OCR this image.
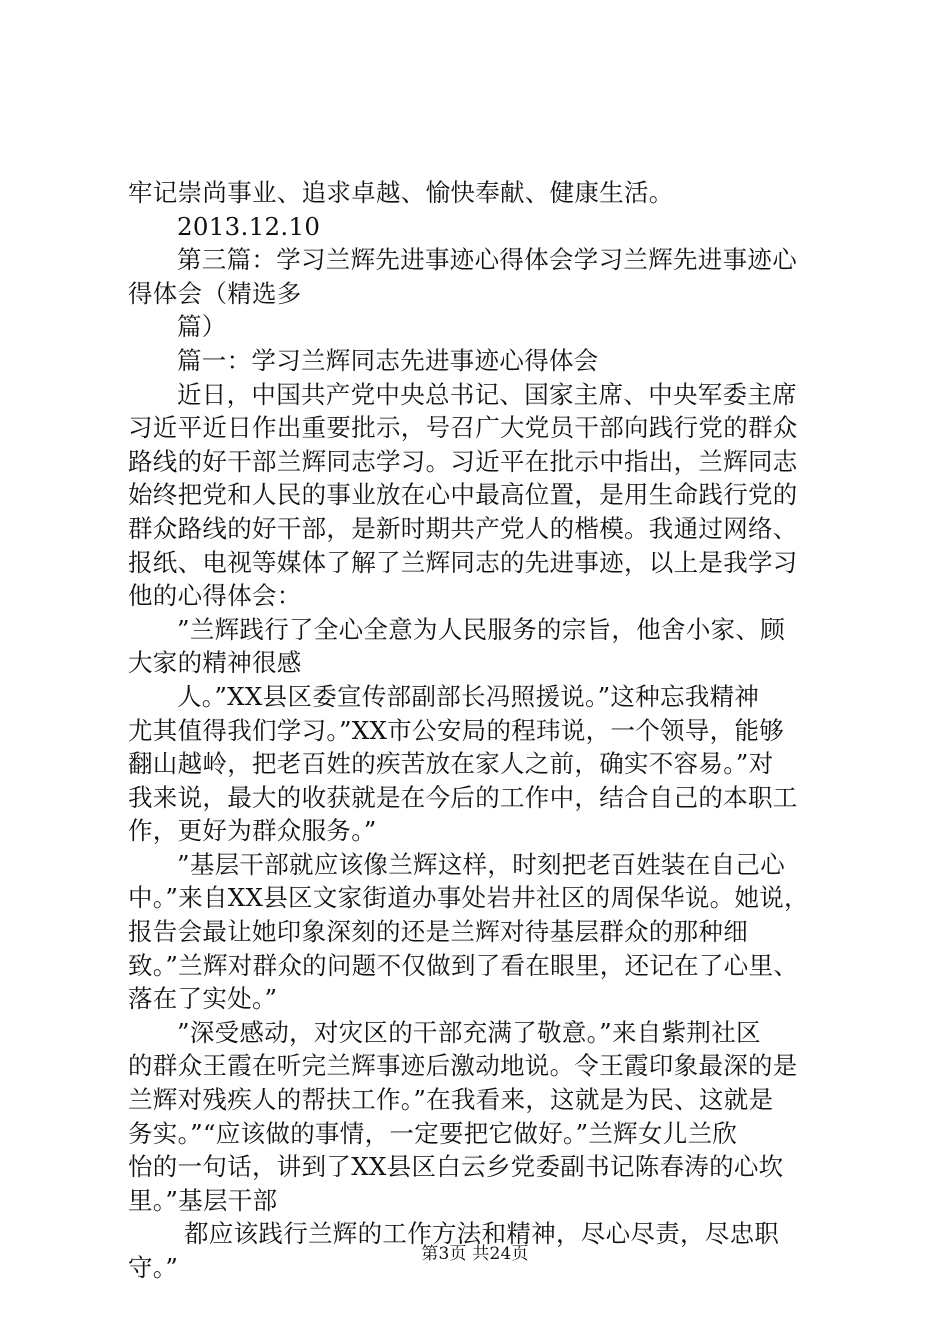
牢记崇尚事业、追求卓越、愉快奉献、健康生活。
2013.12.10
第三篇：学习兰辉先进事迹心得体会学习兰辉先进事迹心
得体会（精选多
篇）
篇一：学习兰辉同志先进事迹心得体会
近日，中国共产党中央总书记、国家主席、中央军委主席
习近平近日作出重要批示，号召广大党员干部向践行党的群众
路线的好干部兰辉同志学习。习近平在批示中指出，兰辉同志
始终把党和人民的事业放在心中最高位置，是用生命践行党的
群众路线的好干部，是新时期共产党人的楷模。我通过网络、
报纸、电视等媒体了解了兰辉同志的先进事迹，以上是我学习
他的心得体会：
”兰辉践行了全心全意为人民服务的宗旨，他舍小家、顾
大家的精神很感
人。”XX县区委宣传部副部长冯照援说。”这种忘我精神
尤其值得我们学习。”XX市公安局的程玮说，一个领导，能够
翻山越岭，把老百姓的疾苦放在家人之前，确实不容易。”对
我来说，最大的收获就是在今后的工作中，结合自己的本职工
作，更好为群众服务。”
”基层干部就应该像兰辉这样，时刻把老百姓装在自己心
中。”来自XX县区文家街道办事处岩井社区的周保华说。她说，
报告会最让她印象深刻的还是兰辉对待基层群众的那种细
致。”兰辉对群众的问题不仅做到了看在眼里，还记在了心里、
落在了实处。”
”深受感动，对灾区的干部充满了敬意。”来自紫荆社区
的群众王霞在听完兰辉事迹后激动地说。令王霞印象最深的是
兰辉对残疾人的帮扶工作。”在我看来，这就是为民、这就是
务实。”“应该做的事情，一定要把它做好。”兰辉女儿兰欣
怡的一句话，讲到了XX县区白云乡党委副书记陈春涛的心坎
里。”基层干部
都应该践行兰辉的工作方法和精神，尽心尽责，尽忠职
守。”	第3页 共24页
